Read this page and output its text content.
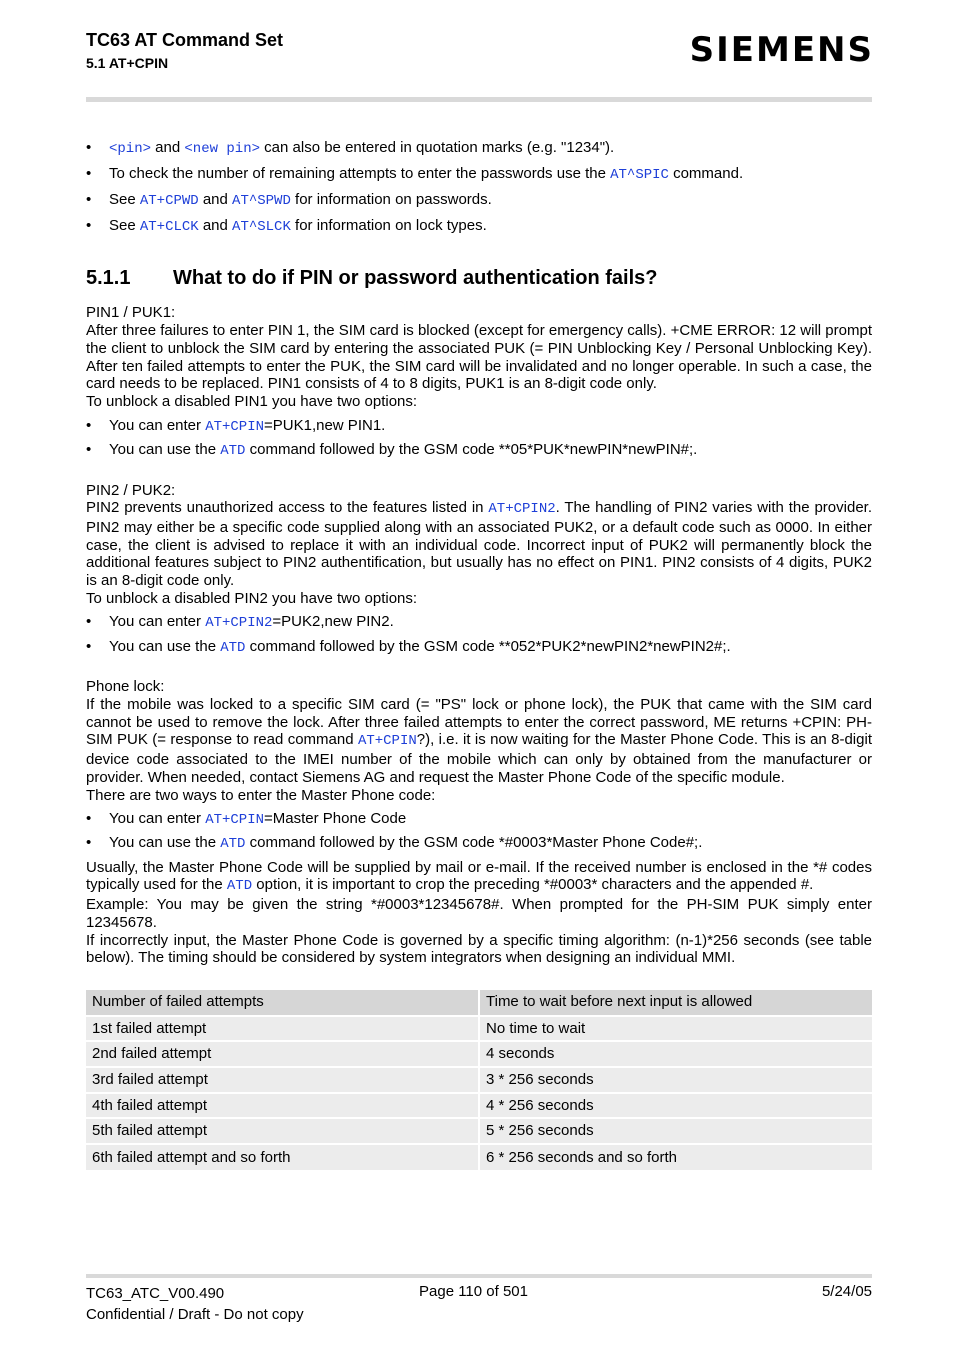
TC63 AT Command Set
5.1 AT+CPIN	SIEMENS
• <pin> and <new pin> can also be entered in quotation marks (e.g. "1234").
• To check the number of remaining attempts to enter the passwords use the AT^SPIC command.
• See AT+CPWD and AT^SPWD for information on passwords.
• See AT+CLCK and AT^SLCK for information on lock types.
5.1.1	What to do if PIN or password authentication fails?

PIN1 / PUK1:

After three failures to enter PIN 1, the SIM card is blocked (except for emergency calls). +CME ERROR: 12 will prompt the client to unblock the SIM card by entering the associated PUK (= PIN Unblocking Key / Personal Unblocking Key). After ten failed attempts to enter the PUK, the SIM card will be invalidated and no longer operable. In such a case, the card needs to be replaced. PIN1 consists of 4 to 8 digits, PUK1 is an 8-digit code only.

To unblock a disabled PIN1 you have two options:

• You can enter AT+CPIN=PUK1,new PIN1.
• You can use the ATD command followed by the GSM code **05*PUK*newPIN*newPIN#;.

PIN2 / PUK2:

PIN2 prevents unauthorized access to the features listed in AT+CPIN2. The handling of PIN2 varies with the provider. PIN2 may either be a specific code supplied along with an associated PUK2, or a default code such as 0000. In either case, the client is advised to replace it with an individual code. Incorrect input of PUK2 will permanently block the additional features subject to PIN2 authentification, but usually has no effect on PIN1. PIN2 consists of 4 digits, PUK2 is an 8-digit code only.

To unblock a disabled PIN2 you have two options:

• You can enter AT+CPIN2=PUK2,new PIN2.
• You can use the ATD command followed by the GSM code **052*PUK2*newPIN2*newPIN2#;.

Phone lock:

If the mobile was locked to a specific SIM card (= "PS" lock or phone lock), the PUK that came with the SIM card cannot be used to remove the lock. After three failed attempts to enter the correct password, ME returns +CPIN: PH-SIM PUK (= response to read command AT+CPIN?), i.e. it is now waiting for the Master Phone Code. This is an 8-digit device code associated to the IMEI number of the mobile which can only by obtained from the manufacturer or provider. When needed, contact Siemens AG and request the Master Phone Code of the specific module.

There are two ways to enter the Master Phone code:

• You can enter AT+CPIN=Master Phone Code
• You can use the ATD command followed by the GSM code *#0003*Master Phone Code#;.

Usually, the Master Phone Code will be supplied by mail or e-mail. If the received number is enclosed in the *# codes typically used for the ATD option, it is important to crop the preceding *#0003* characters and the appended #.

Example: You may be given the string *#0003*12345678#. When prompted for the PH-SIM PUK simply enter 12345678.

If incorrectly input, the Master Phone Code is governed by a specific timing algorithm: (n-1)*256 seconds (see table below). The timing should be considered by system integrators when designing an individual MMI.

Number of failed attempts	Time to wait before next input is allowed
1st failed attempt	No time to wait
2nd failed attempt	4 seconds
3rd failed attempt	3 * 256 seconds
4th failed attempt	4 * 256 seconds
5th failed attempt	5 * 256 seconds
6th failed attempt and so forth	6 * 256 seconds and so forth
TC63_ATC_V00.490
Confidential / Draft - Do not copy
Page 110 of 501	5/24/05
